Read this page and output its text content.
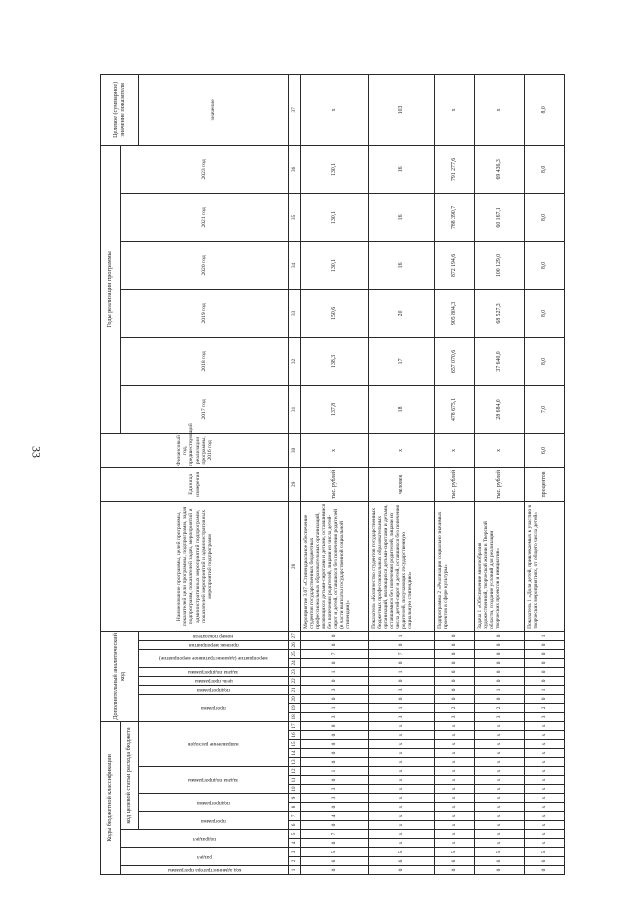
33
Коды бюджетной классификации																	Дополнительный аналитический код										Наименование программы, целей программы, показателей цели программы, подпрограмм, задач подпрограмм, показателей задач, мероприятий и административных мероприятий подпрограмм, показателей мероприятий и административных мероприятий подпрограмм	Единица измерения	Финансовый год, предшествующий реализации программы, 2016 год	Годы реализации программы						Целевое (суммарное) значение показателя

код администратора программы	раздел		подраздел		код целевой статьи расхода бюджета																									2017 год	2018 год	2019 год	2020 год	2021 год	2023 год	

					программа		подпрограмма		задача подпрограммы			направление расходов					программа			подпрограмма	цель программы	задача подпрограммы	мероприятие (административное мероприятие)		признак мероприятия	номер показателя										значение
1	2	3	4	5	6	7	8	9	10	11	12	13	14	15	16	17	18	19	20	21	22	23	24	25	26	27	28	29	30	31	32	33	34	35	36	37
0	6	5	0	7	0	4	0	3	3	0	1	0	0	0	0	8	3	1	0	3	0	1	0	7	0	0	Мероприятие 3.07 «Стипендиальное обеспечение студентов государственных бюджетных профессиональных образовательных организаций, являющихся детьми-сиротами и детьми, оставшимися без попечения родителей, лицами из числа детей-сирот и детей, оставшихся без попечения родителей (в части выплаты государственной социальной стипендии)»	тыс. рублей	х	137,8	138,3	150,6	130,1	130,1	130,1	х
0	6	5	х	х	х	х	х	х	х	х	х	х	х	х	х	х	3	1	0	3	0	1	0	7	0	1	Показатель «Количество студентов государственных бюджетных профессиональных образовательных организаций, являющихся детьми-сиротами и детьми, оставшимися без попечения родителей, лицами из числа детей-сирот и детей, оставшихся без попечения родителей, получающих государственную социальную стипендию»	человек	х	18	17	20	16	16	16	103
0	6	5	х	х	х	х	х	х	х	х	х	х	х	х	х	х	3	2	0	0	0	0	0	0	0	0	Подпрограмма 2 «Реализация социально значимых проектов в сфере культуры»	тыс. рублей	х	478 675,1	657 070,6	905 804,3	872 194,6	788 390,7	791 277,6	х
0	6	5	х	х	х	х	х	х	х	х	х	х	х	х	х	х	3	2	0	1	0	0	0	0	0	0	Задача 1 «Обеспечение многообразия художественной, творческой жизни в Тверской области, создание условий для реализации творческих проектов и инициатив»	тыс. рублей	х	28 684,0	37 640,0	68 527,3	100 129,0	60 167,1	69 436,3	х
0	6	5	х	х	х	х	х	х	х	х	х	х	х	х	х	х	3	2	0	1	0	0	0	0	0	1	Показатель 1 «Доля детей, привлекаемых к участию в творческих мероприятиях, от общего числа детей»	процентов	6,0	7,0	8,0	8,0	8,0	8,0	8,0	8,0
